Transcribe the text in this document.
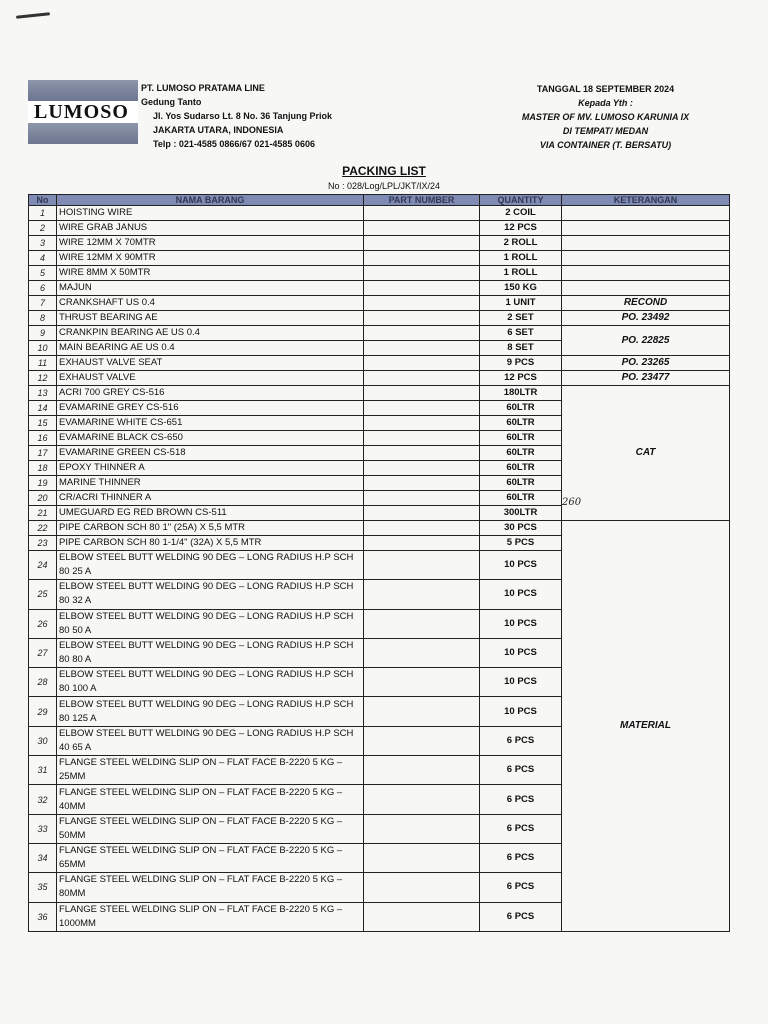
LUMOSO
PT. LUMOSO PRATAMA LINE
Gedung Tanto
Jl. Yos Sudarso Lt. 8 No. 36 Tanjung Priok
JAKARTA UTARA, INDONESIA
Telp : 021-4585 0866/67 021-4585 0606
TANGGAL 18 SEPTEMBER 2024
Kepada Yth :
MASTER OF MV. LUMOSO KARUNIA IX
DI TEMPAT/ MEDAN
VIA CONTAINER (T. BERSATU)
PACKING LIST
No : 028/Log/LPL/JKT/IX/24
No	NAMA BARANG	PART NUMBER	QUANTITY	KETERANGAN
1	HOISTING WIRE		2 COIL	
2	WIRE GRAB JANUS		12 PCS	
3	WIRE 12MM X 70MTR		2 ROLL	
4	WIRE 12MM X 90MTR		1 ROLL	
5	WIRE 8MM X 50MTR		1 ROLL	
6	MAJUN		150 KG	
7	CRANKSHAFT US 0.4		1 UNIT	RECOND
8	THRUST BEARING AE		2 SET	PO. 23492
9	CRANKPIN BEARING AE US 0.4		6 SET	PO. 22825
10	MAIN BEARING AE US 0.4		8 SET	
11	EXHAUST VALVE SEAT		9 PCS	PO. 23265
12	EXHAUST VALVE		12 PCS	PO. 23477
13	ACRI 700 GREY CS-516		180LTR	CAT
14	EVAMARINE GREY CS-516		60LTR	
15	EVAMARINE WHITE CS-651		60LTR	
16	EVAMARINE BLACK CS-650		60LTR	
17	EVAMARINE GREEN CS-518		60LTR	
18	EPOXY THINNER A		60LTR	
19	MARINE THINNER		60LTR	
20	CR/ACRI THINNER A		60LTR	
21	UMEGUARD EG RED BROWN CS-511		300LTR	
22	PIPE CARBON SCH 80 1" (25A) X 5,5 MTR		30 PCS	MATERIAL
23	PIPE CARBON SCH 80 1-1/4" (32A) X 5,5 MTR		5 PCS	
24	ELBOW STEEL BUTT WELDING 90 DEG – LONG RADIUS H.P SCH 80 25 A		10 PCS	
25	ELBOW STEEL BUTT WELDING 90 DEG – LONG RADIUS H.P SCH 80 32 A		10 PCS	
26	ELBOW STEEL BUTT WELDING 90 DEG – LONG RADIUS H.P SCH 80 50 A		10 PCS	
27	ELBOW STEEL BUTT WELDING 90 DEG – LONG RADIUS H.P SCH 80 80 A		10 PCS	
28	ELBOW STEEL BUTT WELDING 90 DEG – LONG RADIUS H.P SCH 80 100 A		10 PCS	
29	ELBOW STEEL BUTT WELDING 90 DEG – LONG RADIUS H.P SCH 80 125 A		10 PCS	
30	ELBOW STEEL BUTT WELDING 90 DEG – LONG RADIUS H.P SCH 40 65 A		6 PCS	
31	FLANGE STEEL WELDING SLIP ON – FLAT FACE B-2220 5 KG – 25MM		6 PCS	
32	FLANGE STEEL WELDING SLIP ON – FLAT FACE B-2220 5 KG – 40MM		6 PCS	
33	FLANGE STEEL WELDING SLIP ON – FLAT FACE B-2220 5 KG – 50MM		6 PCS	
34	FLANGE STEEL WELDING SLIP ON – FLAT FACE B-2220 5 KG – 65MM		6 PCS	
35	FLANGE STEEL WELDING SLIP ON – FLAT FACE B-2220 5 KG – 80MM		6 PCS	
36	FLANGE STEEL WELDING SLIP ON – FLAT FACE B-2220 5 KG – 1000MM		6 PCS	
260
